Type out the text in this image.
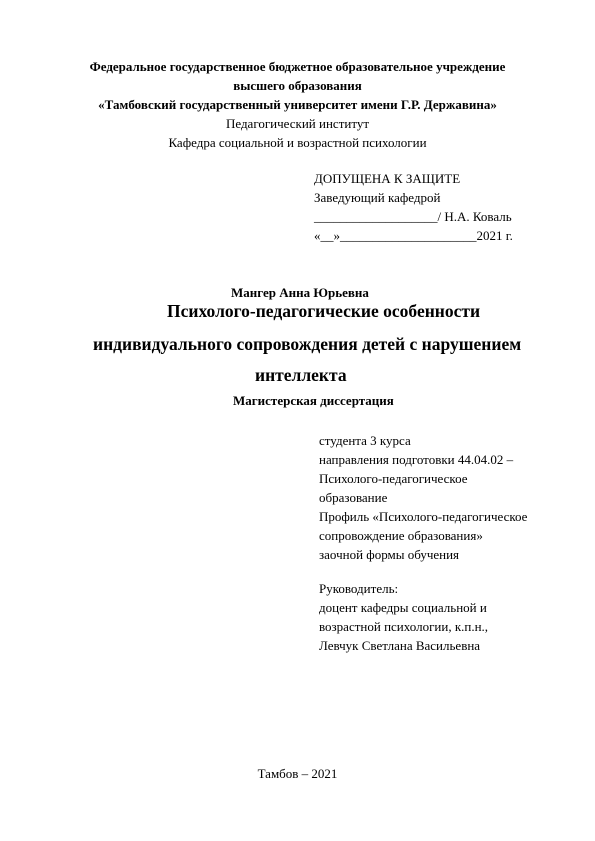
Федеральное государственное бюджетное образовательное учреждение
высшего образования
«Тамбовский государственный университет имени Г.Р. Державина»
Педагогический институт
Кафедра социальной и возрастной психологии
ДОПУЩЕНА К ЗАЩИТЕ
Заведующий кафедрой
___________________/ Н.А. Коваль
«__»_____________________2021 г.
Мангер Анна Юрьевна
Психолого-педагогические особенности
индивидуального сопровождения детей с нарушением
интеллекта
Магистерская диссертация
студента 3 курса
направления подготовки 44.04.02 –
Психолого-педагогическое
образование
Профиль «Психолого-педагогическое
сопровождение образования»
заочной формы обучения
Руководитель:
доцент кафедры социальной и
возрастной психологии, к.п.н.,
Левчук Светлана Васильевна
Тамбов – 2021
